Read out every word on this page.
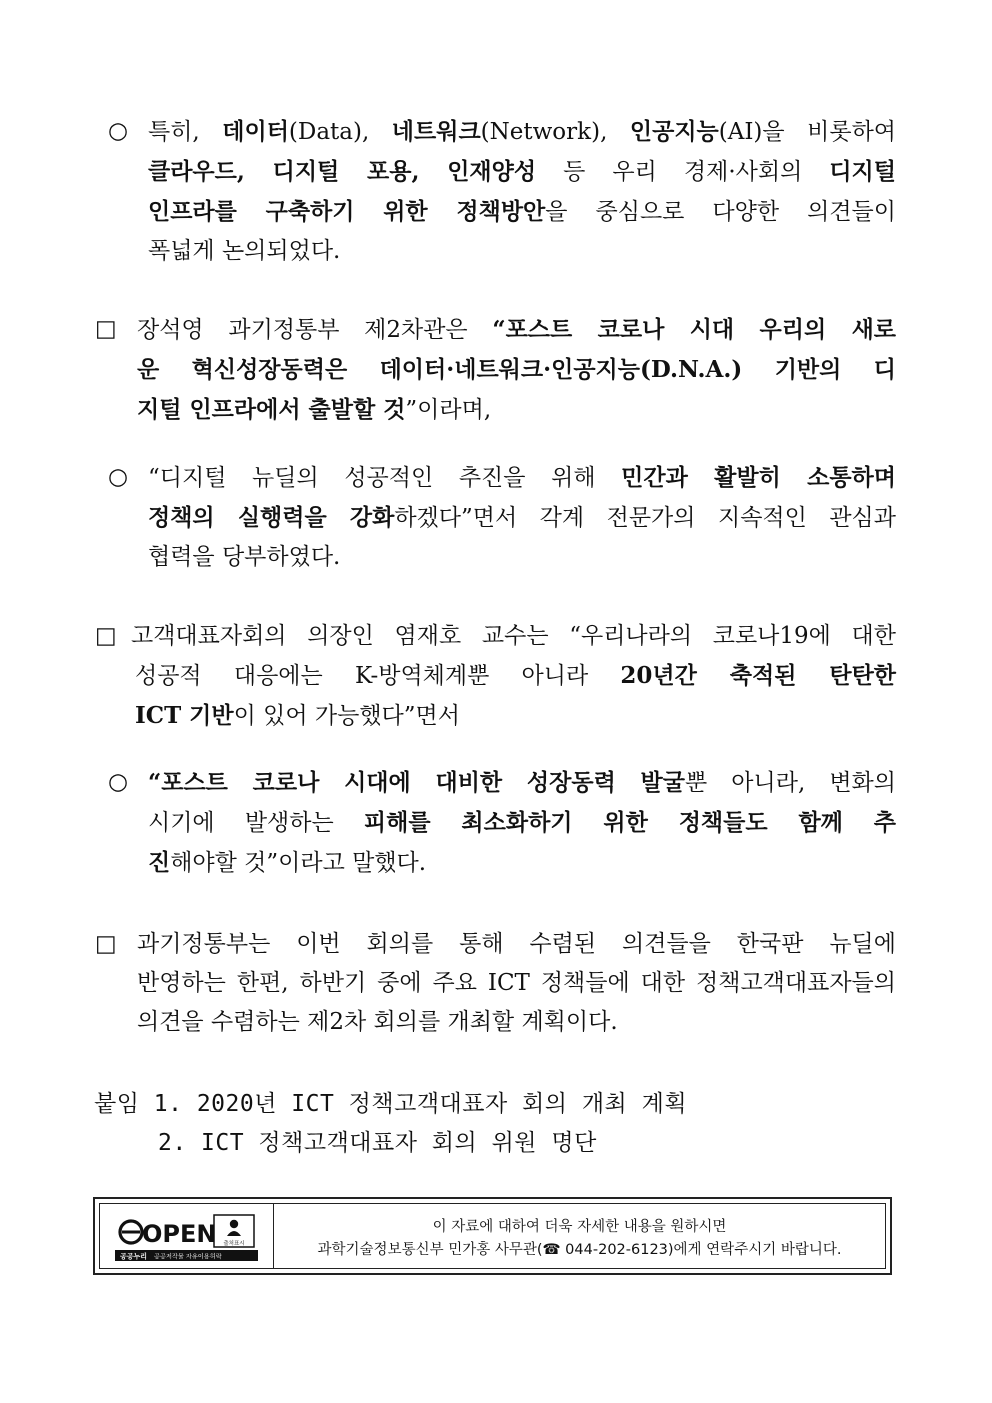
○ 특히, 데이터(Data), 네트워크(Network), 인공지능(AI)을 비롯하여
클라우드, 디지털 포용, 인재양성 등 우리 경제·사회의 디지털
인프라를 구축하기 위한 정책방안을 중심으로 다양한 의견들이
폭넓게 논의되었다.
□ 장석영 과기정통부 제2차관은 “포스트 코로나 시대 우리의 새로
운 혁신성장동력은 데이터·네트워크·인공지능(D.N.A.) 기반의 디
지털 인프라에서 출발할 것”이라며,
○ “디지털 뉴딜의 성공적인 추진을 위해 민간과 활발히 소통하며
정책의 실행력을 강화하겠다”면서 각계 전문가의 지속적인 관심과
협력을 당부하였다.
□ 고객대표자회의 의장인 염재호 교수는 “우리나라의 코로나19에 대한
성공적 대응에는 K-방역체계뿐 아니라 20년간 축적된 탄탄한
ICT 기반이 있어 가능했다”면서
○ “포스트 코로나 시대에 대비한 성장동력 발굴뿐 아니라, 변화의
시기에 발생하는 피해를 최소화하기 위한 정책들도 함께 추
진해야할 것”이라고 말했다.
□ 과기정통부는 이번 회의를 통해 수렴된 의견들을 한국판 뉴딜에
반영하는 한편, 하반기 중에 주요 ICT 정책들에 대한 정책고객대표자들의
의견을 수렴하는 제2차 회의를 개최할 계획이다.
붙임 1. 2020년 ICT 정책고객대표자 회의 개최 계획
2. ICT 정책고객대표자 회의 위원 명단
OPEN 출처표시
공공누리 공공저작물 자유이용허락
이 자료에 대하여 더욱 자세한 내용을 원하시면
과학기술정보통신부 민가홍 사무관(☎ 044-202-6123)에게 연락주시기 바랍니다.
